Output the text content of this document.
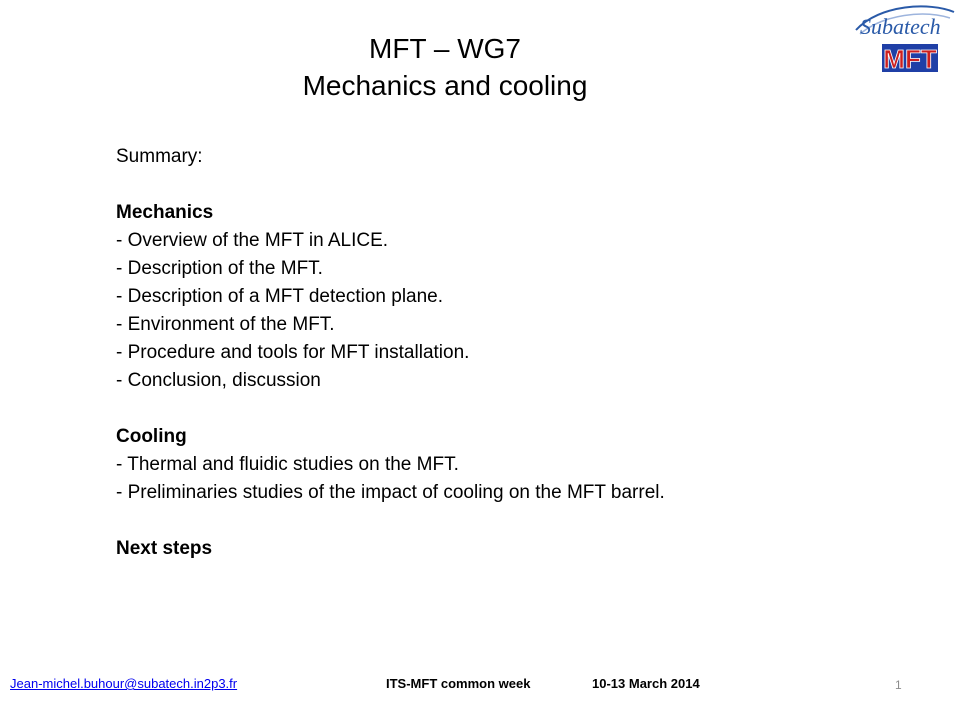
MFT – WG7
Mechanics and cooling
Subatech
MFT
Summary:
Mechanics
- Overview of the MFT in ALICE.
- Description of the MFT.
- Description of a MFT detection plane.
- Environment of the MFT.
- Procedure and tools for MFT installation.
- Conclusion, discussion
Cooling
- Thermal and fluidic studies on the MFT.
- Preliminaries studies of the impact of cooling on the MFT barrel.
Next steps
Jean-michel.buhour@subatech.in2p3.fr	ITS-MFT common week	10-13 March 2014	1
